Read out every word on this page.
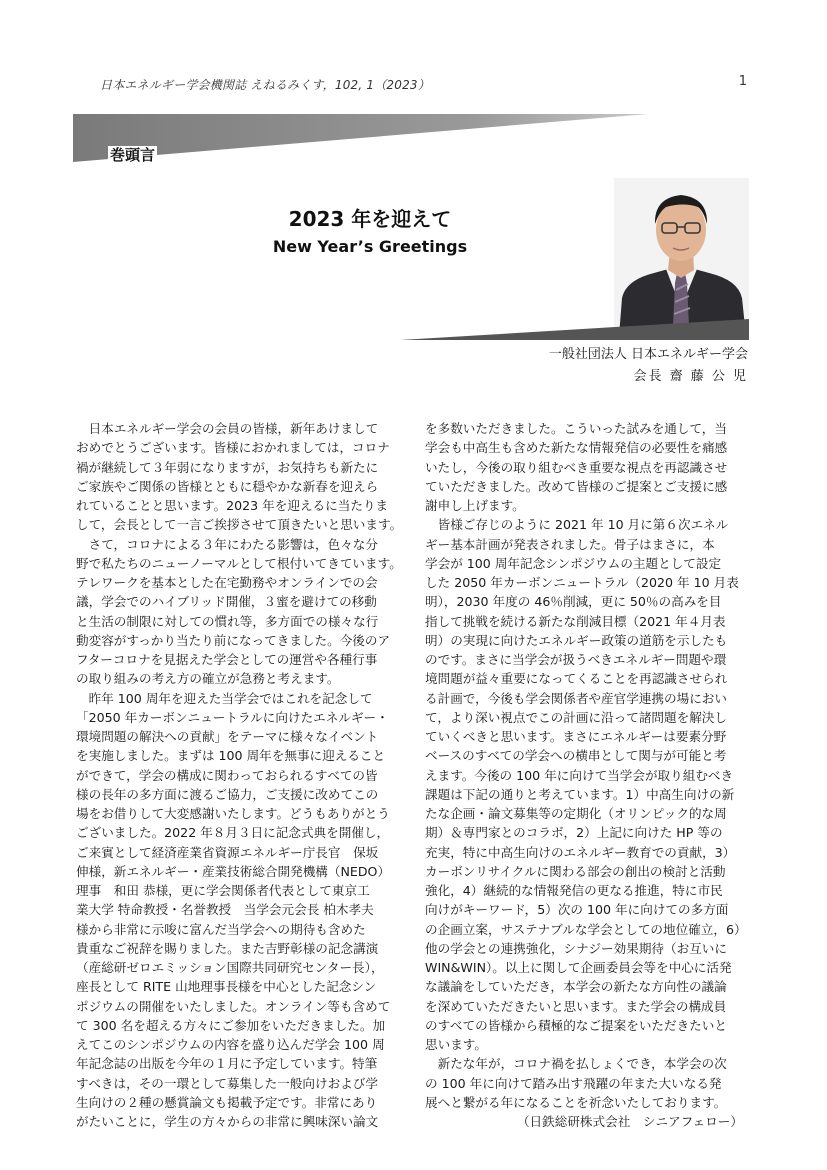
日本エネルギー学会機関誌 えねるみくす，102, 1（2023）	1
巻頭言
2023 年を迎えて
New Year’s Greetings
一般社団法人 日本エネルギー学会
会長 齋 藤 公 児
　日本エネルギー学会の会員の皆様，新年あけまして
おめでとうございます。皆様におかれましては，コロナ
禍が継続して３年弱になりますが，お気持ちも新たに
ご家族やご関係の皆様とともに穏やかな新春を迎えら
れていることと思います。2023 年を迎えるに当たりま
して，会長として一言ご挨拶させて頂きたいと思います。
　さて，コロナによる３年にわたる影響は，色々な分
野で私たちのニューノーマルとして根付いてきています。
テレワークを基本とした在宅勤務やオンラインでの会
議，学会でのハイブリッド開催，３蜜を避けての移動
と生活の制限に対しての慣れ等，多方面での様々な行
動変容がすっかり当たり前になってきました。今後のア
フターコロナを見据えた学会としての運営や各種行事
の取り組みの考え方の確立が急務と考えます。
　昨年 100 周年を迎えた当学会ではこれを記念して
「2050 年カーボンニュートラルに向けたエネルギー・
環境問題の解決への貢献」をテーマに様々なイベント
を実施しました。まずは 100 周年を無事に迎えること
ができて，学会の構成に関わっておられるすべての皆
様の長年の多方面に渡るご協力，ご支援に改めてこの
場をお借りして大変感謝いたします。どうもありがとう
ございました。2022 年８月３日に記念式典を開催し，
ご来賓として経済産業省資源エネルギー庁長官　保坂
伸様，新エネルギー・産業技術総合開発機構（NEDO）
理事　和田 恭様，更に学会関係者代表として東京工
業大学 特命教授・名誉教授　当学会元会長 柏木孝夫
様から非常に示唆に富んだ当学会への期待も含めた
貴重なご祝辞を賜りました。また吉野彰様の記念講演
（産総研ゼロエミッション国際共同研究センター長），
座長として RITE 山地理事長様を中心とした記念シン
ポジウムの開催をいたしました。オンライン等も含めて
て 300 名を超える方々にご参加をいただきました。加
えてこのシンポジウムの内容を盛り込んだ学会 100 周
年記念誌の出版を今年の１月に予定しています。特筆
すべきは，その一環として募集した一般向けおよび学
生向けの２種の懸賞論文も掲載予定です。非常にあり
がたいことに，学生の方々からの非常に興味深い論文
を多数いただきました。こういった試みを通して，当
学会も中高生も含めた新たな情報発信の必要性を痛感
いたし，今後の取り組むべき重要な視点を再認識させ
ていただきました。改めて皆様のご提案とご支援に感
謝申し上げます。
　皆様ご存じのように 2021 年 10 月に第６次エネル
ギー基本計画が発表されました。骨子はまさに，本
学会が 100 周年記念シンポジウムの主題として設定
した 2050 年カーボンニュートラル（2020 年 10 月表
明），2030 年度の 46％削減，更に 50％の高みを目
指して挑戦を続ける新たな削減目標（2021 年４月表
明）の実現に向けたエネルギー政策の道筋を示したも
のです。まさに当学会が扱うべきエネルギー問題や環
境問題が益々重要になってくることを再認識させられ
る計画で，今後も学会関係者や産官学連携の場におい
て，より深い視点でこの計画に沿って諸問題を解決し
ていくべきと思います。まさにエネルギーは要素分野
ベースのすべての学会への横串として関与が可能と考
えます。今後の 100 年に向けて当学会が取り組むべき
課題は下記の通りと考えています。1）中高生向けの新
たな企画・論文募集等の定期化（オリンピック的な周
期）＆専門家とのコラボ，2）上記に向けた HP 等の
充実，特に中高生向けのエネルギー教育での貢献，3）
カーボンリサイクルに関わる部会の創出の検討と活動
強化，4）継続的な情報発信の更なる推進，特に市民
向けがキーワード，5）次の 100 年に向けての多方面
の企画立案，サステナブルな学会としての地位確立，6）
他の学会との連携強化，シナジー効果期待（お互いに
WIN&WIN）。以上に関して企画委員会等を中心に活発
な議論をしていただき，本学会の新たな方向性の議論
を深めていただきたいと思います。また学会の構成員
のすべての皆様から積極的なご提案をいただきたいと
思います。
　新たな年が，コロナ禍を払しょくでき，本学会の次
の 100 年に向けて踏み出す飛躍の年また大いなる発
展へと繋がる年になることを祈念いたしております。
（日鉄総研株式会社　シニアフェロー）
